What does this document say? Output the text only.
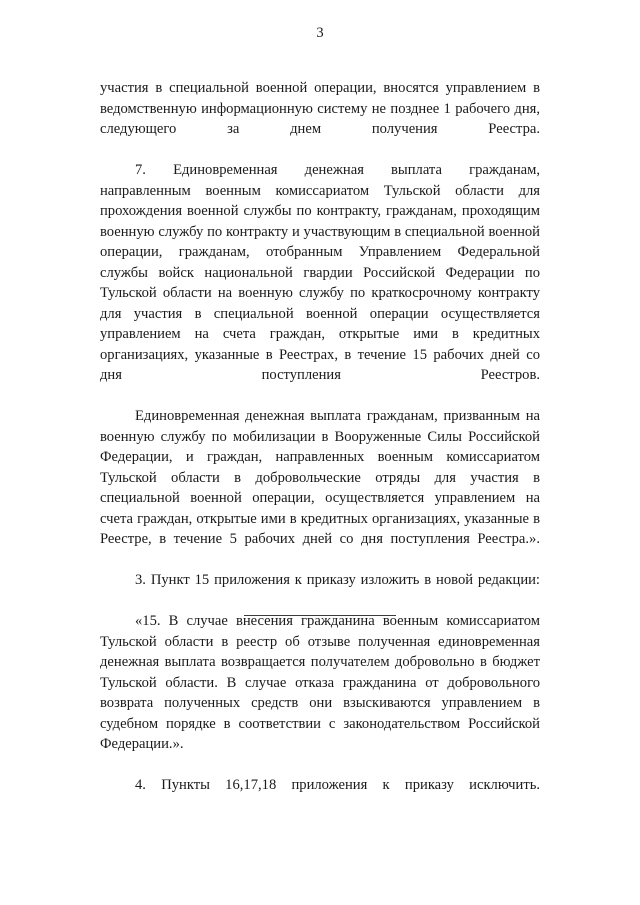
3

участия в специальной военной операции, вносятся управлением в ведомственную информационную систему не позднее 1 рабочего дня, следующего за днем получения Реестра.

7. Единовременная денежная выплата гражданам, направленным военным комиссариатом Тульской области для прохождения военной службы по контракту, гражданам, проходящим военную службу по контракту и участвующим в специальной военной операции, гражданам, отобранным Управлением Федеральной службы войск национальной гвардии Российской Федерации по Тульской области на военную службу по краткосрочному контракту для участия в специальной военной операции осуществляется управлением на счета граждан, открытые ими в кредитных организациях, указанные в Реестрах, в течение 15 рабочих дней со дня поступления Реестров.

Единовременная денежная выплата гражданам, призванным на военную службу по мобилизации в Вооруженные Силы Российской Федерации, и граждан, направленных военным комиссариатом Тульской области в добровольческие отряды для участия в специальной военной операции, осуществляется управлением на счета граждан, открытые ими в кредитных организациях, указанные в Реестре, в течение 5 рабочих дней со дня поступления Реестра.».

3. Пункт 15 приложения к приказу изложить в новой редакции:

«15. В случае внесения гражданина военным комиссариатом Тульской области в реестр об отзыве полученная единовременная денежная выплата возвращается получателем добровольно в бюджет Тульской области. В случае отказа гражданина от добровольного возврата полученных средств они взыскиваются управлением в судебном порядке в соответствии с законодательством Российской Федерации.».

4. Пункты 16,17,18 приложения к приказу исключить.
